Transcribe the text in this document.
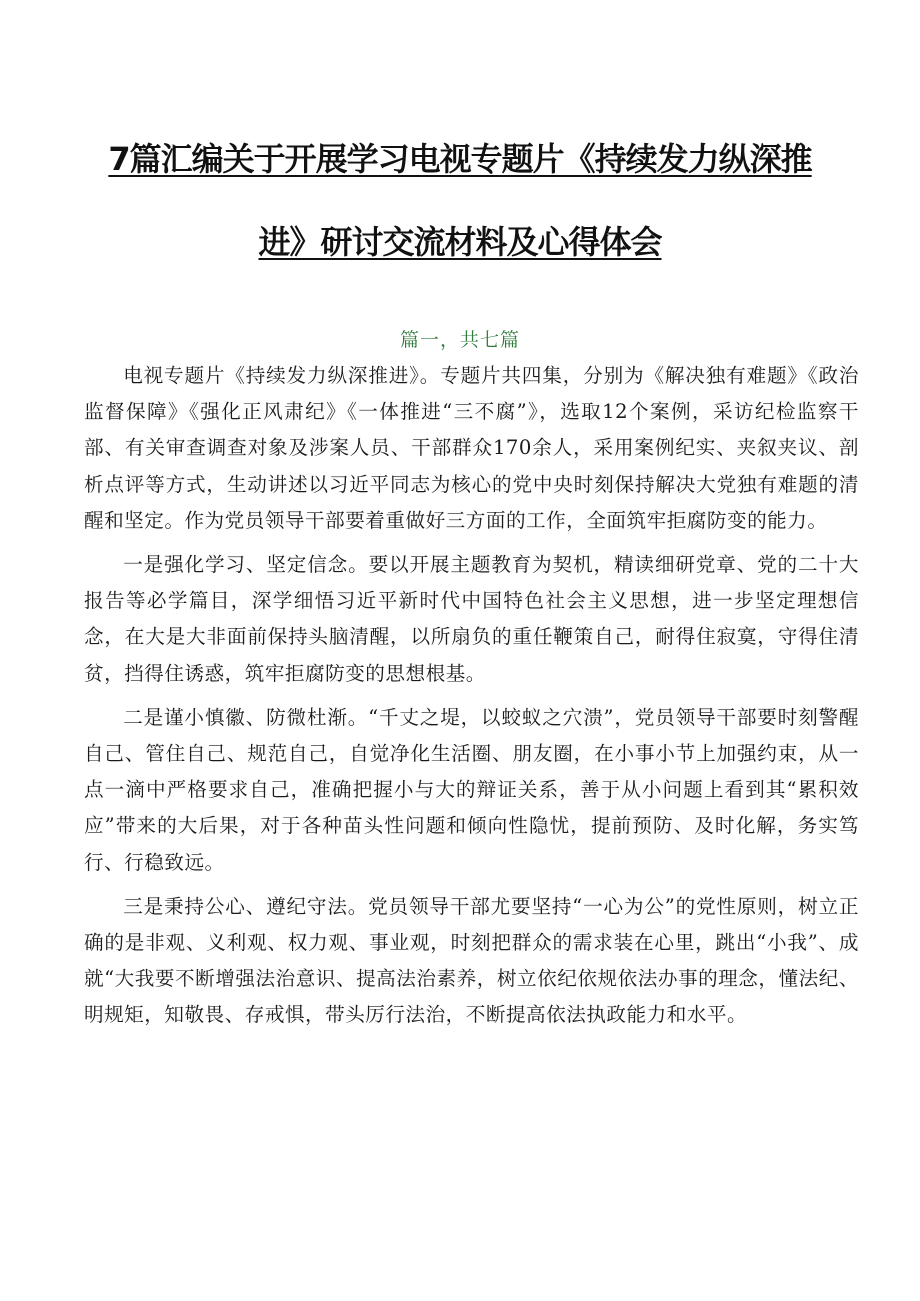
7篇汇编关于开展学习电视专题片《持续发力纵深推
进》研讨交流材料及心得体会
篇一，共七篇

电视专题片《持续发力纵深推进》。专题片共四集，分别为《解决独有难题》《政治监督保障》《强化正风肃纪》《一体推进“三不腐”》，选取12个案例，采访纪检监察干部、有关审查调查对象及涉案人员、干部群众170余人，采用案例纪实、夹叙夹议、剖析点评等方式，生动讲述以习近平同志为核心的党中央时刻保持解决大党独有难题的清醒和坚定。作为党员领导干部要着重做好三方面的工作，全面筑牢拒腐防变的能力。

一是强化学习、坚定信念。要以开展主题教育为契机，精读细研党章、党的二十大报告等必学篇目，深学细悟习近平新时代中国特色社会主义思想，进一步坚定理想信念，在大是大非面前保持头脑清醒，以所扇负的重任鞭策自己，耐得住寂寞，守得住清贫，挡得住诱惑，筑牢拒腐防变的思想根基。

二是谨小慎徽、防微杜渐。“千丈之堤，以蛟蚁之穴溃”，党员领导干部要时刻警醒自己、管住自己、规范自己，自觉净化生活圈、朋友圈，在小事小节上加强约束，从一点一滴中严格要求自己，准确把握小与大的辩证关系，善于从小问题上看到其“累积效应”带来的大后果，对于各种苗头性问题和倾向性隐忧，提前预防、及时化解，务实笃行、行稳致远。

三是秉持公心、遵纪守法。党员领导干部尤要坚持“一心为公”的党性原则，树立正确的是非观、义利观、权力观、事业观，时刻把群众的需求装在心里，跳出“小我”、成就“大我要不断增强法治意识、提高法治素养，树立依纪依规依法办事的理念，懂法纪、明规矩，知敬畏、存戒惧，带头厉行法治，不断提高依法执政能力和水平。
